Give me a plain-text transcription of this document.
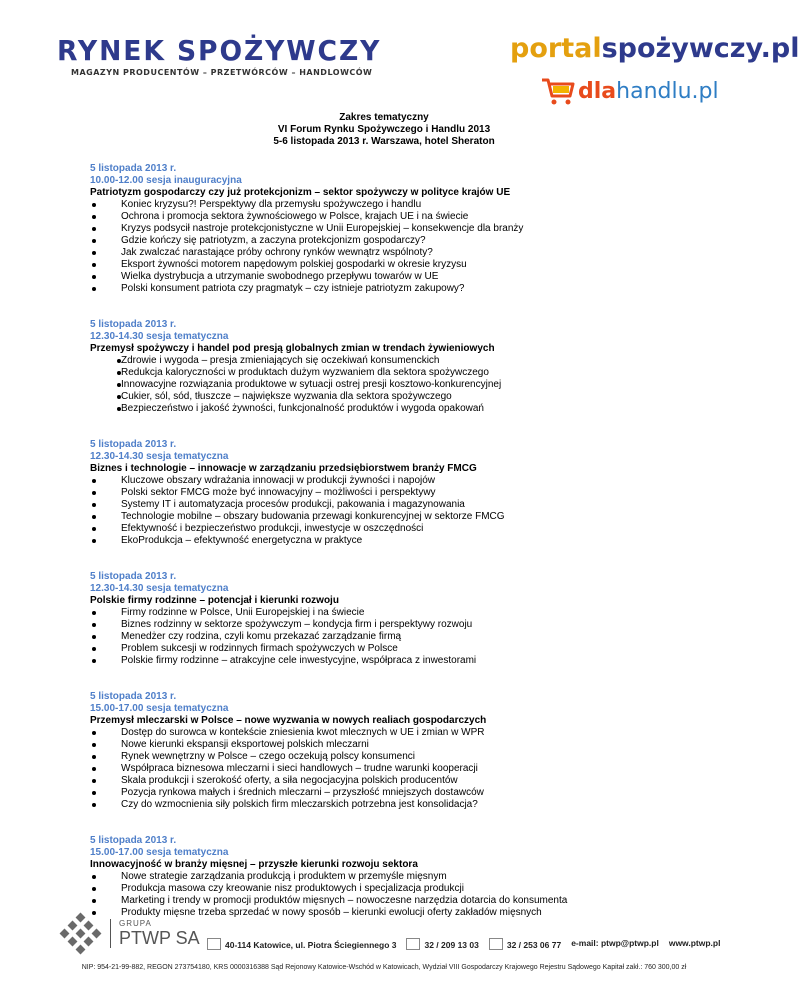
RYNEK SPOŻYWCZY
MAGAZYN PRODUCENTÓW – PRZETWÓRCÓW – HANDLOWCÓW
portalspożywczy.pl
dlahandlu.pl
Zakres tematyczny
VI Forum Rynku Spożywczego i Handlu 2013
5-6 listopada 2013 r. Warszawa, hotel Sheraton
5 listopada 2013 r.
10.00-12.00 sesja inauguracyjna
Patriotyzm gospodarczy czy już protekcjonizm – sektor spożywczy w polityce krajów UE
Koniec kryzysu?! Perspektywy dla przemysłu spożywczego i handlu
Ochrona i promocja sektora żywnościowego w Polsce, krajach UE i na świecie
Kryzys podsycił nastroje protekcjonistyczne w Unii Europejskiej – konsekwencje dla branży
Gdzie kończy się patriotyzm, a zaczyna protekcjonizm gospodarczy?
Jak zwalczać narastające próby ochrony rynków wewnątrz wspólnoty?
Eksport żywności motorem napędowym polskiej gospodarki w okresie kryzysu
Wielka dystrybucja a utrzymanie swobodnego przepływu towarów w UE
Polski konsument patriota czy pragmatyk – czy istnieje patriotyzm zakupowy?
5 listopada 2013 r.
12.30-14.30 sesja tematyczna
Przemysł spożywczy i handel pod presją globalnych zmian w trendach żywieniowych
Zdrowie i wygoda – presja zmieniających się oczekiwań konsumenckich
Redukcja kaloryczności w produktach dużym wyzwaniem dla sektora spożywczego
Innowacyjne rozwiązania produktowe w sytuacji ostrej presji kosztowo-konkurencyjnej
Cukier, sól, sód, tłuszcze – największe wyzwania dla sektora spożywczego
Bezpieczeństwo i jakość żywności, funkcjonalność produktów i wygoda opakowań
5 listopada 2013 r.
12.30-14.30 sesja tematyczna
Biznes i technologie – innowacje w zarządzaniu przedsiębiorstwem branży FMCG
Kluczowe obszary wdrażania innowacji w produkcji żywności i napojów
Polski sektor FMCG może być innowacyjny – możliwości i perspektywy
Systemy IT i automatyzacja procesów produkcji, pakowania i magazynowania
Technologie mobilne – obszary budowania przewagi konkurencyjnej w sektorze FMCG
Efektywność i bezpieczeństwo produkcji, inwestycje w oszczędności
EkoProdukcja – efektywność energetyczna w praktyce
5 listopada 2013 r.
12.30-14.30 sesja tematyczna
Polskie firmy rodzinne – potencjał i kierunki rozwoju
Firmy rodzinne w Polsce, Unii Europejskiej i na świecie
Biznes rodzinny w sektorze spożywczym – kondycja firm i perspektywy rozwoju
Menedżer czy rodzina, czyli komu przekazać zarządzanie firmą
Problem sukcesji w rodzinnych firmach spożywczych w Polsce
Polskie firmy rodzinne – atrakcyjne cele inwestycyjne, współpraca z inwestorami
5 listopada 2013 r.
15.00-17.00 sesja tematyczna
Przemysł mleczarski w Polsce – nowe wyzwania w nowych realiach gospodarczych
Dostęp do surowca w kontekście zniesienia kwot mlecznych w UE i zmian w WPR
Nowe kierunki ekspansji eksportowej polskich mleczarni
Rynek wewnętrzny w Polsce – czego oczekują polscy konsumenci
Współpraca biznesowa mleczarni i sieci handlowych – trudne warunki kooperacji
Skala produkcji i szerokość oferty, a siła negocjacyjna polskich producentów
Pozycja rynkowa małych i średnich mleczarni – przyszłość mniejszych dostawców
Czy do wzmocnienia siły polskich firm mleczarskich potrzebna jest konsolidacja?
5 listopada 2013 r.
15.00-17.00 sesja tematyczna
Innowacyjność w branży mięsnej – przyszłe kierunki rozwoju sektora
Nowe strategie zarządzania produkcją i produktem w przemyśle mięsnym
Produkcja masowa czy kreowanie nisz produktowych i specjalizacja produkcji
Marketing i trendy w promocji produktów mięsnych – nowoczesne narzędzia dotarcia do konsumenta
Produkty mięsne trzeba sprzedać w nowy sposób – kierunki ewolucji oferty zakładów mięsnych
GRUPA
PTWP SA	40-114 Katowice, ul. Piotra Ściegiennego 3	32 / 209 13 03	32 / 253 06 77 e-mail: ptwp@ptwp.pl www.ptwp.pl
NIP: 954-21-99-882, REGON 273754180, KRS 0000316388 Sąd Rejonowy Katowice-Wschód w Katowicach, Wydział VIII Gospodarczy Krajowego Rejestru Sądowego Kapitał zakł.: 760 300,00 zł
